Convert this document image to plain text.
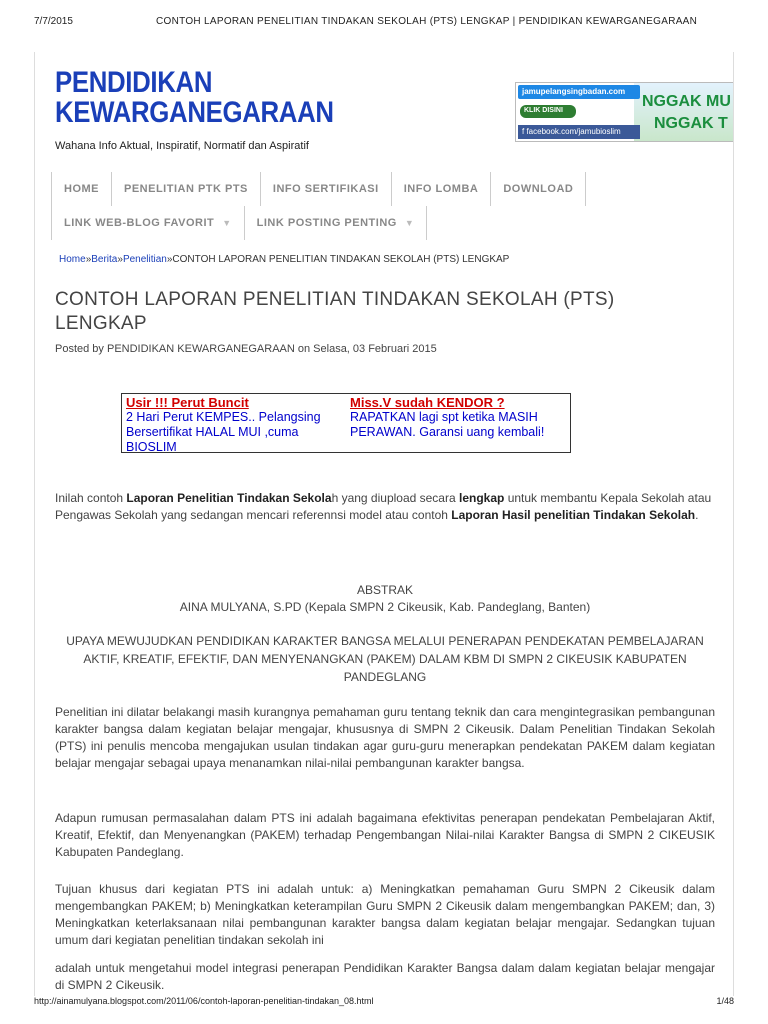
7/7/2015	CONTOH LAPORAN PENELITIAN TINDAKAN SEKOLAH (PTS) LENGKAP | PENDIDIKAN KEWARGANEGARAAN
PENDIDIKAN
KEWARGANEGARAAN
Wahana Info Aktual, Inspiratif, Normatif dan Aspiratif
jamupelangsingbadan.com
KLIK DISINI
f facebook.com/jamubioslim
NGGAK MU
NGGAK T
HOME	PENELITIAN PTK PTS	INFO SERTIFIKASI	INFO LOMBA	DOWNLOAD
LINK WEB-BLOG FAVORIT ▼ LINK POSTING PENTING ▼
Home»Berita»Penelitian»CONTOH LAPORAN PENELITIAN TINDAKAN SEKOLAH (PTS) LENGKAP
CONTOH LAPORAN PENELITIAN TINDAKAN SEKOLAH (PTS) LENGKAP
Posted by PENDIDIKAN KEWARGANEGARAAN on Selasa, 03 Februari 2015
Usir !!! Perut Buncit
2 Hari Perut KEMPES.. Pelangsing Bersertifikat HALAL MUI ,cuma BIOSLIM
Miss.V sudah KENDOR ?
RAPATKAN lagi spt ketika MASIH PERAWAN. Garansi uang kembali!

Inilah contoh Laporan Penelitian Tindakan Sekolah yang diupload secara lengkap untuk membantu Kepala Sekolah atau Pengawas Sekolah yang sedangan mencari referennsi model atau contoh Laporan Hasil penelitian Tindakan Sekolah.

ABSTRAK

AINA MULYANA, S.PD (Kepala SMPN 2 Cikeusik, Kab. Pandeglang, Banten)

UPAYA MEWUJUDKAN PENDIDIKAN KARAKTER BANGSA MELALUI PENERAPAN PENDEKATAN PEMBELAJARAN AKTIF, KREATIF, EFEKTIF, DAN MENYENANGKAN (PAKEM) DALAM KBM DI SMPN 2 CIKEUSIK KABUPATEN PANDEGLANG

Penelitian ini dilatar belakangi masih kurangnya pemahaman guru tentang teknik dan cara mengintegrasikan pembangunan karakter bangsa dalam kegiatan belajar mengajar, khususnya di SMPN 2 Cikeusik. Dalam Penelitian Tindakan Sekolah (PTS) ini penulis mencoba mengajukan usulan tindakan agar guru-guru menerapkan pendekatan PAKEM dalam kegiatan belajar mengajar sebagai upaya menanamkan nilai-nilai pembangunan karakter bangsa.

Adapun rumusan permasalahan dalam PTS ini adalah bagaimana efektivitas penerapan pendekatan Pembelajaran Aktif, Kreatif, Efektif, dan Menyenangkan (PAKEM) terhadap Pengembangan Nilai-nilai Karakter Bangsa di SMPN 2 CIKEUSIK Kabupaten Pandeglang.

Tujuan khusus dari kegiatan PTS ini adalah untuk: a) Meningkatkan pemahaman Guru SMPN 2 Cikeusik dalam mengembangkan PAKEM; b) Meningkatkan keterampilan Guru SMPN 2 Cikeusik dalam mengembangkan PAKEM; dan, 3) Meningkatkan keterlaksanaan nilai pembangunan karakter bangsa dalam kegiatan belajar mengajar. Sedangkan tujuan umum dari kegiatan penelitian tindakan sekolah ini

adalah untuk mengetahui model integrasi penerapan Pendidikan Karakter Bangsa dalam dalam kegiatan belajar mengajar di SMPN 2 Cikeusik.

http://ainamulyana.blogspot.com/2011/06/contoh-laporan-penelitian-tindakan_08.html	1/48
